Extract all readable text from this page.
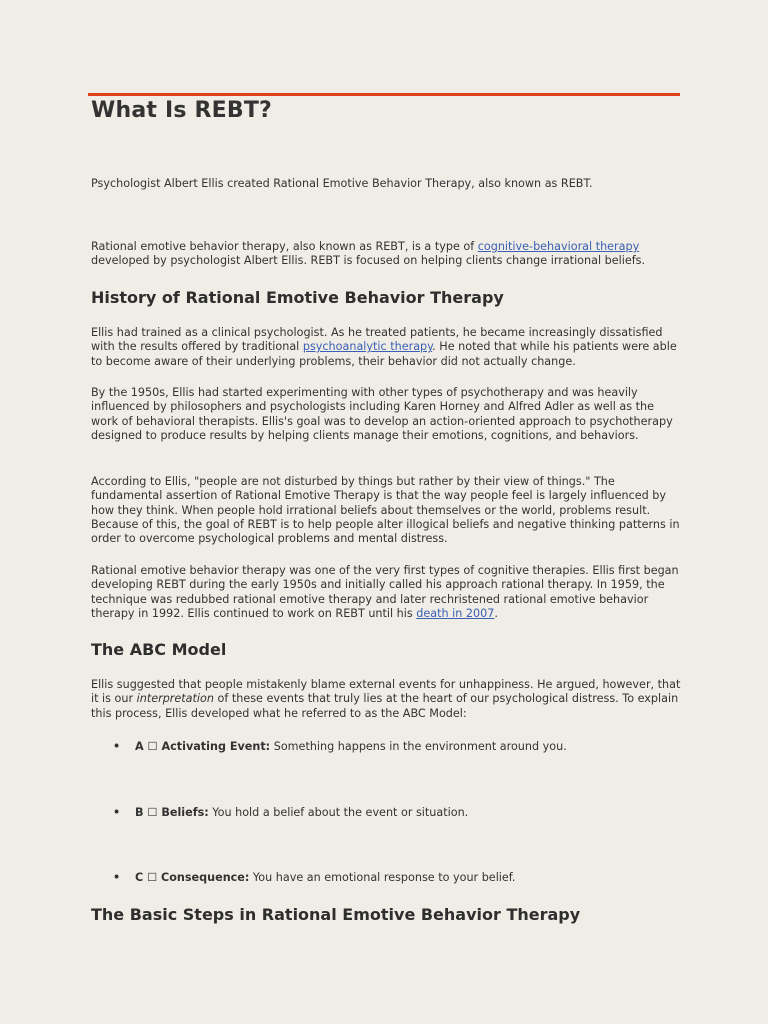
What Is REBT?

Psychologist Albert Ellis created Rational Emotive Behavior Therapy, also known as REBT.

Rational emotive behavior therapy, also known as REBT, is a type of cognitive-behavioral therapy developed by psychologist Albert Ellis. REBT is focused on helping clients change irrational beliefs.

History of Rational Emotive Behavior Therapy

Ellis had trained as a clinical psychologist. As he treated patients, he became increasingly dissatisfied with the results offered by traditional psychoanalytic therapy. He noted that while his patients were able to become aware of their underlying problems, their behavior did not actually change.

By the 1950s, Ellis had started experimenting with other types of psychotherapy and was heavily influenced by philosophers and psychologists including Karen Horney and Alfred Adler as well as the work of behavioral therapists. Ellis's goal was to develop an action-oriented approach to psychotherapy designed to produce results by helping clients manage their emotions, cognitions, and behaviors.

According to Ellis, "people are not disturbed by things but rather by their view of things." The fundamental assertion of Rational Emotive Therapy is that the way people feel is largely influenced by how they think. When people hold irrational beliefs about themselves or the world, problems result. Because of this, the goal of REBT is to help people alter illogical beliefs and negative thinking patterns in order to overcome psychological problems and mental distress.

Rational emotive behavior therapy was one of the very first types of cognitive therapies. Ellis first began developing REBT during the early 1950s and initially called his approach rational therapy. In 1959, the technique was redubbed rational emotive therapy and later rechristened rational emotive behavior therapy in 1992. Ellis continued to work on REBT until his death in 2007.

The ABC Model

Ellis suggested that people mistakenly blame external events for unhappiness. He argued, however, that it is our interpretation of these events that truly lies at the heart of our psychological distress. To explain this process, Ellis developed what he referred to as the ABC Model:

• A ☐ Activating Event: Something happens in the environment around you.
• B ☐ Beliefs: You hold a belief about the event or situation.
• C ☐ Consequence: You have an emotional response to your belief.
The Basic Steps in Rational Emotive Behavior Therapy
